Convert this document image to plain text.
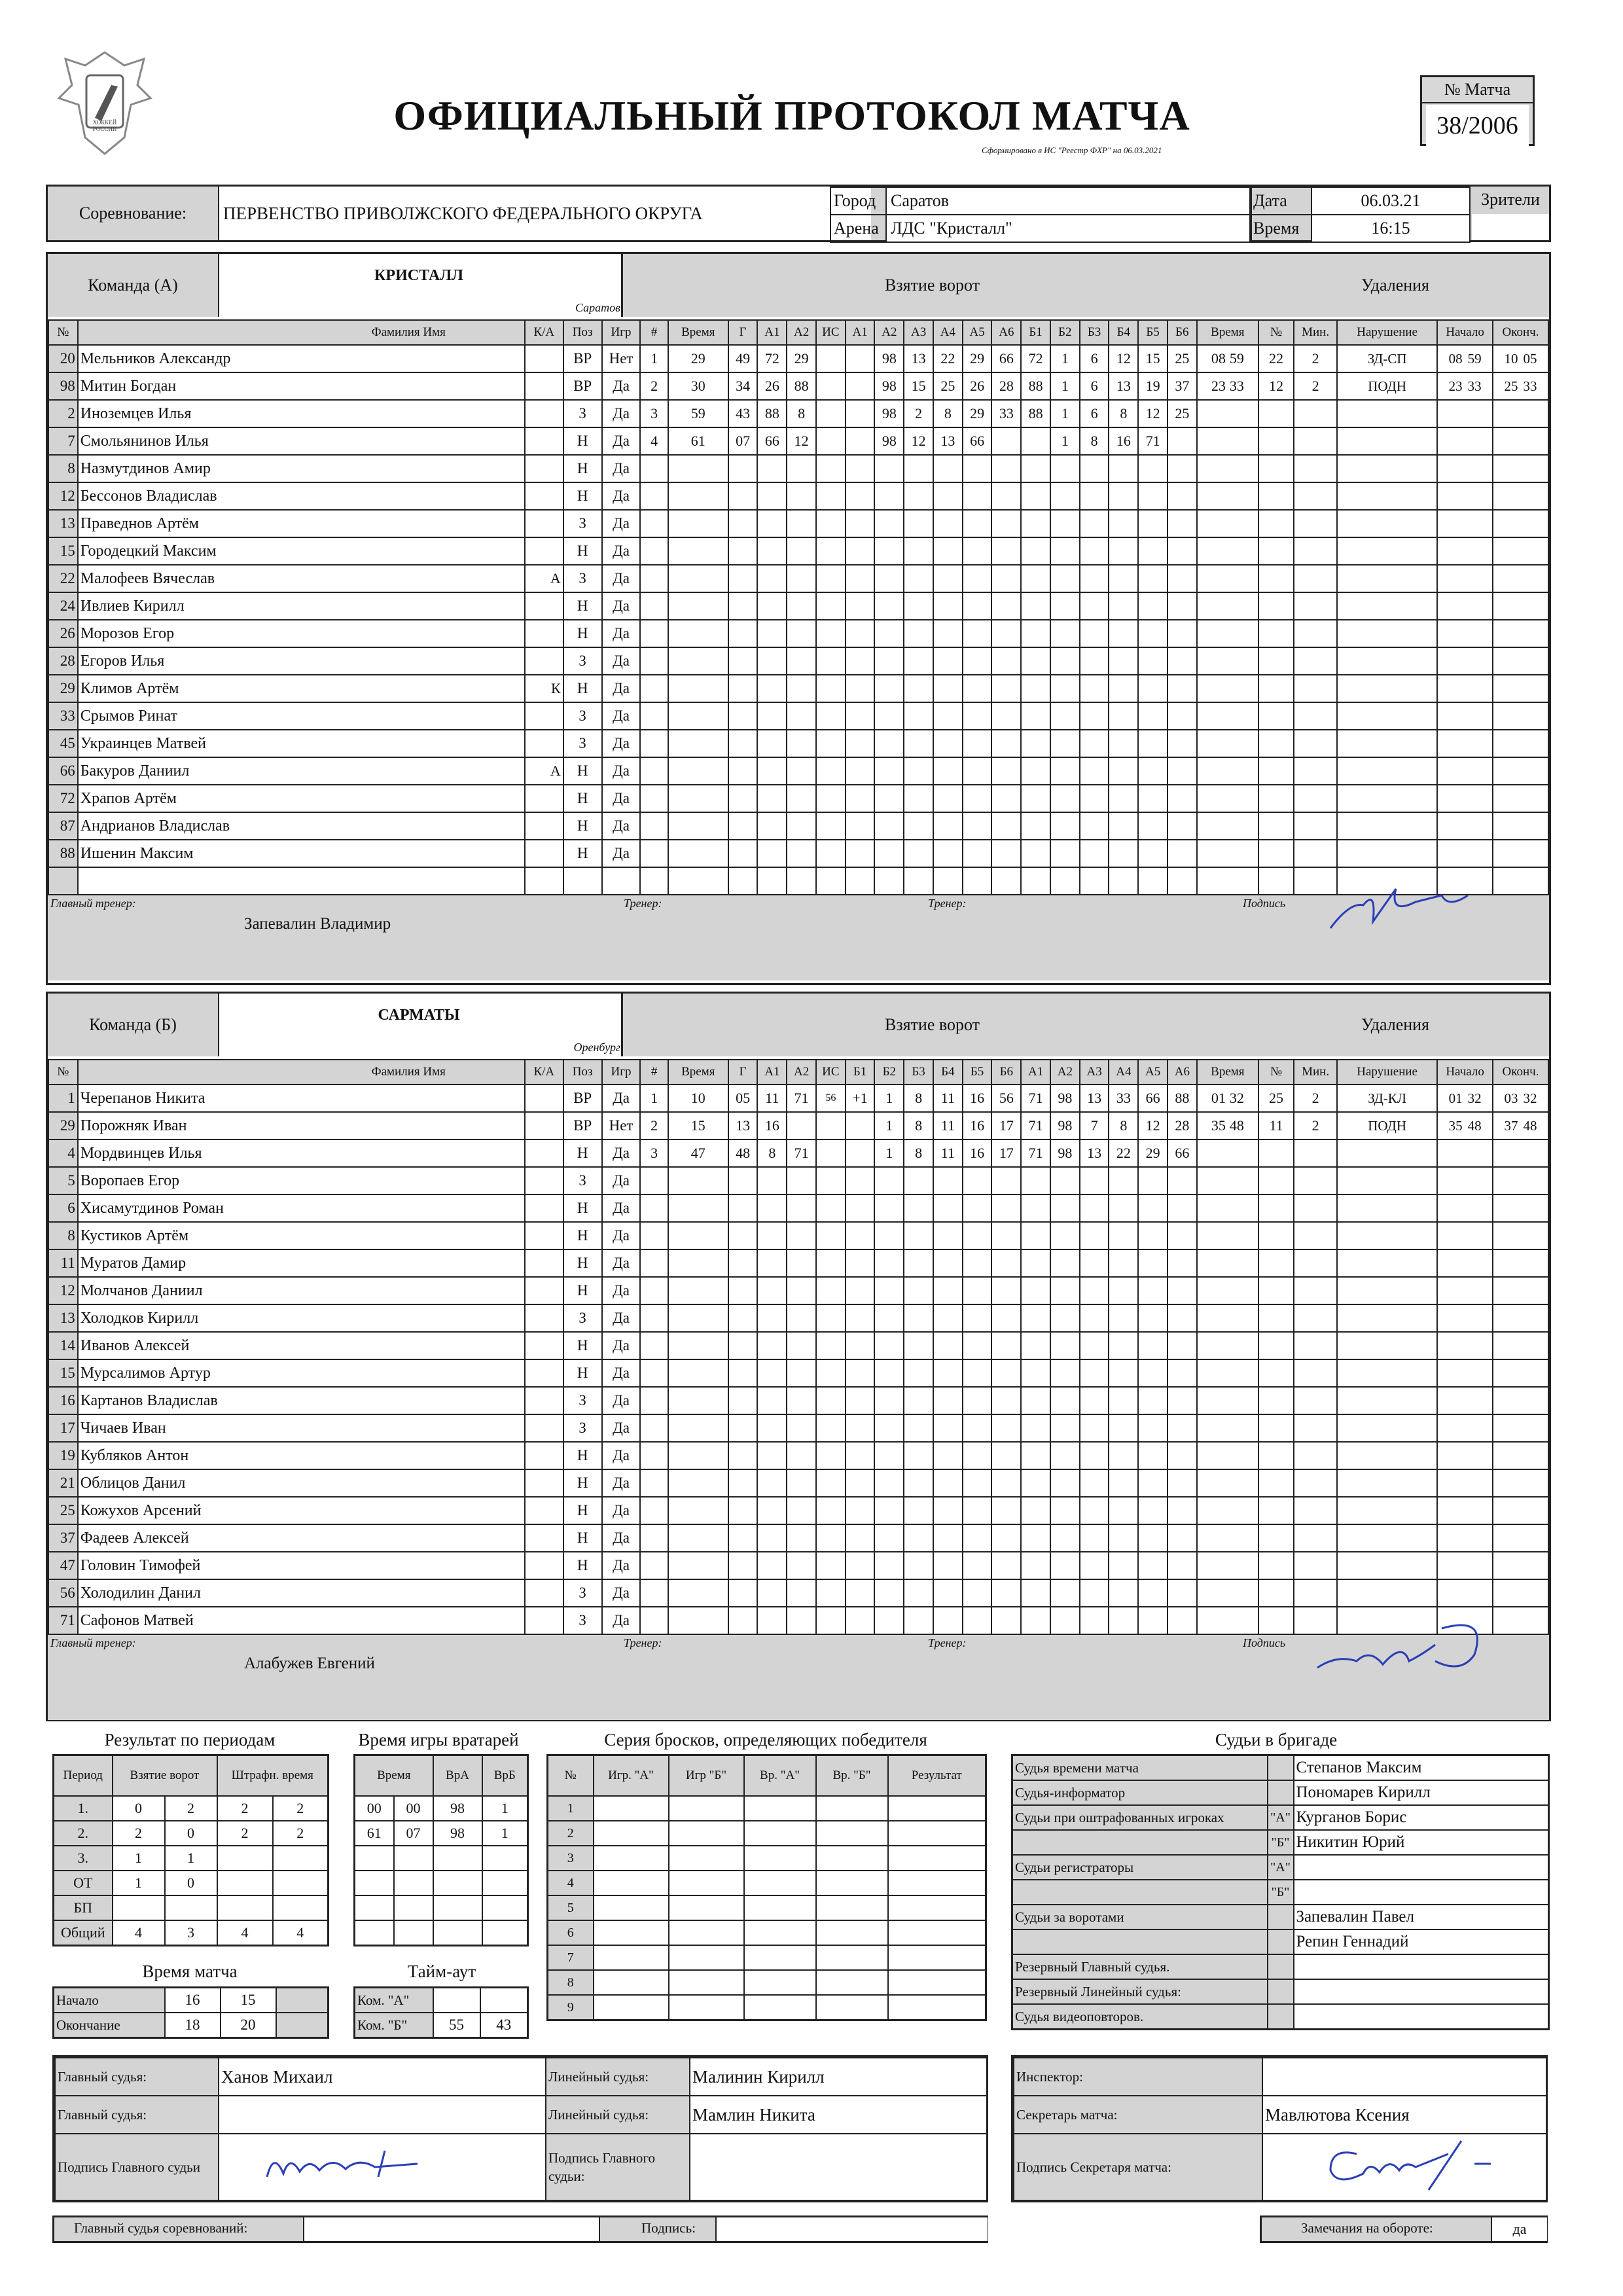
ХОККЕЙ РОССИИ	ОФИЦИАЛЬНЫЙ ПРОТОКОЛ МАТЧА
Сформировано в ИС "Реестр ФХР" на 06.03.2021
№ Матча
38/2006
Соревнование:	ПЕРВЕНСТВО ПРИВОЛЖСКОГО ФЕДЕРАЛЬНОГО ОКРУГА
Город Саратов
Арена ЛДС "Кристалл"
Дата	06.03.21
Время	16:15
Зрители
Команда (А)	КРИСТАЛЛ
Саратов
Взятие ворот	Удаления
№	Фамилия Имя	К/А	Поз	Игр	#	Время	Г	А1	А2	ИС	А1	А2	А3	А4	А5	А6	Б1	Б2	Б3	Б4	Б5	Б6	Время	№	Мин.	Нарушение	Начало	Оконч.
20	Мельников Александр		ВР	Нет	1	29	49	72	29			98	13	22	29	66	72	1	6	12	15	25	08 59	22	2	ЗД-СП	08 59	10 05
98	Митин Богдан		ВР	Да	2	30	34	26	88			98	15	25	26	28	88	1	6	13	19	37	23 33	12	2	ПОДН	23 33	25 33
2	Иноземцев Илья		З	Да	3	59	43	88	8			98	2	8	29	33	88	1	6	8	12	25						
7	Смольянинов Илья		Н	Да	4	61	07	66	12			98	12	13	66			1	8	16	71							
8	Назмутдинов Амир		Н	Да																								
12	Бессонов Владислав		Н	Да																								
13	Праведнов Артём		З	Да																								
15	Городецкий Максим		Н	Да																								
22	Малофеев Вячеслав	А	З	Да																								
24	Ивлиев Кирилл		Н	Да																								
26	Морозов Егор		Н	Да																								
28	Егоров Илья		З	Да																								
29	Климов Артём	К	Н	Да																								
33	Срымов Ринат		З	Да																								
45	Украинцев Матвей		З	Да																								
66	Бакуров Даниил	А	Н	Да																								
72	Храпов Артём		Н	Да																								
87	Андрианов Владислав		Н	Да																								
88	Ишенин Максим		Н	Да																								

Главный тренер:
Запевалин Владимир
Тренер:	Тренер:	Подпись
Команда (Б)	САРМАТЫ
Оренбург
Взятие ворот	Удаления
№	Фамилия Имя	К/А	Поз	Игр	#	Время	Г	А1	А2	ИС	Б1	Б2	Б3	Б4	Б5	Б6	А1	А2	А3	А4	А5	А6	Время	№	Мин.	Нарушение	Начало	Оконч.
1	Черепанов Никита		ВР	Да	1	10	05	11	71	56	+1	1	8	11	16	56	71	98	13	33	66	88	01 32	25	2	ЗД-КЛ	01 32	03 32
29	Порожняк Иван		ВР	Нет	2	15	13	16				1	8	11	16	17	71	98	7	8	12	28	35 48	11	2	ПОДН	35 48	37 48
4	Мордвинцев Илья		Н	Да	3	47	48	8	71			1	8	11	16	17	71	98	13	22	29	66						
5	Воропаев Егор		З	Да																								
6	Хисамутдинов Роман		Н	Да																								
8	Кустиков Артём		Н	Да																								
11	Муратов Дамир		Н	Да																								
12	Молчанов Даниил		Н	Да																								
13	Холодков Кирилл		З	Да																								
14	Иванов Алексей		Н	Да																								
15	Мурсалимов Артур		Н	Да																								
16	Картанов Владислав		З	Да																								
17	Чичаев Иван		З	Да																								
19	Кубляков Антон		Н	Да																								
21	Облицов Данил		Н	Да																								
25	Кожухов Арсений		Н	Да																								
37	Фадеев Алексей		Н	Да																								
47	Головин Тимофей		Н	Да																								
56	Холодилин Данил		З	Да																								
71	Сафонов Матвей		З	Да																								
Главный тренер:
Алабужев Евгений
Тренер:	Тренер:	Подпись
Результат по периодам
Период	Взятие ворот		Штрафн. время	
1.	0	2	2	2
2.	2	0	2	2
3.	1	1		
ОТ	1	0		
БП				
Общий	4	3	4	4
Время игры вратарей
Время		ВрА	ВрБ
00	00	98	1
61	07	98	1

Серия бросков, определяющих победителя
№	Игр. "А"	Игр "Б"	Вр. "А"	Вр. "Б"	Результат
1					
2					
3					
4					
5					
6					
7					
8					
9					
Время матча
Начало	16	15	
Окончание	18	20	
Тайм-аут
Ком. "А"		
Ком. "Б"	55	43
Судьи в бригаде
Судья времени матча		Степанов Максим
Судья-информатор		Пономарев Кирилл
Судьи при оштрафованных игроках	"А"	Курганов Борис
	"Б"	Никитин Юрий
Судьи регистраторы	"А"	
	"Б"	
Судьи за воротами		Запевалин Павел
		Репин Геннадий
Резервный Главный судья.		
Резервный Линейный судья:		
Судья видеоповторов.		
Главный судья:	Ханов Михаил	Линейный судья:	Малинин Кирилл
Главный судья:		Линейный судья:	Мамлин Никита
Подпись Главного судьи		Подпись Главного судьи:	
Инспектор:	
Секретарь матча:	Мавлютова Ксения
Подпись Секретаря матча:	
Главный судья соревнований:	Подпись:	Замечания на обороте:	да
